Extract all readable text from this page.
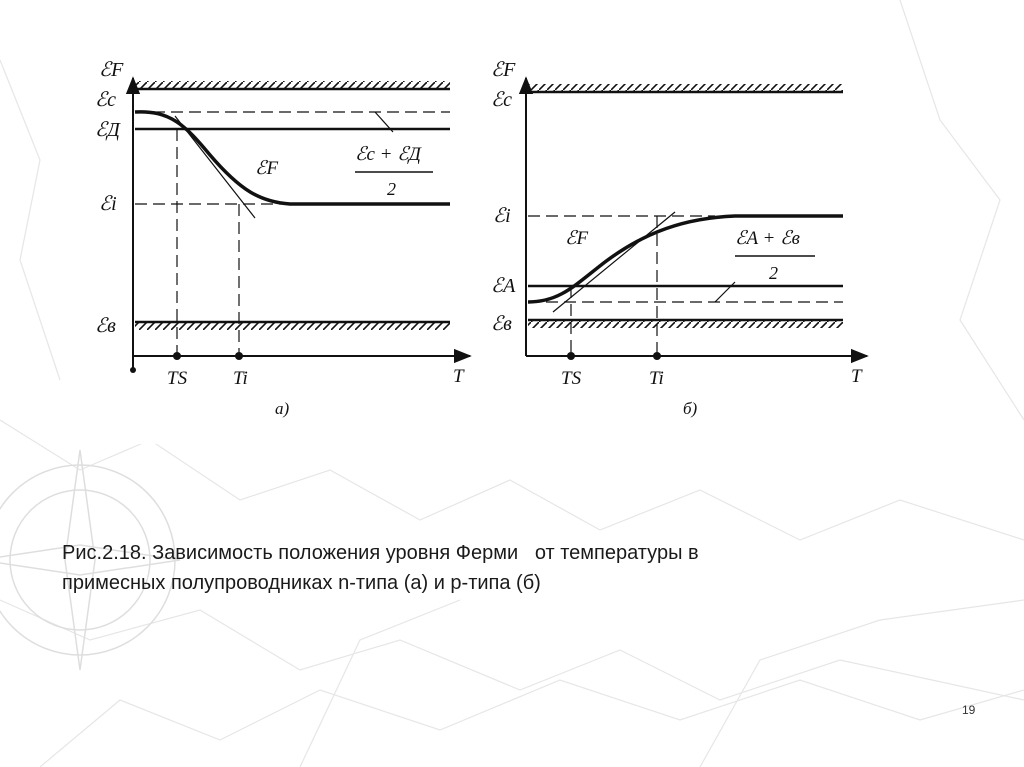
ℰF
ℰc
ℰД
ℰi
ℰв
ℰF
ℰc + ℰД
2
TS Ti	T
а)
ℰF
ℰc
ℰi
ℰA
ℰв
ℰF	ℰA + ℰв
2
TS	Ti	T
б)

Рис.2.18. Зависимость положения уровня Ферми   от температуры в
примесных полупроводниках n-типа (а) и р-типа (б)

19
